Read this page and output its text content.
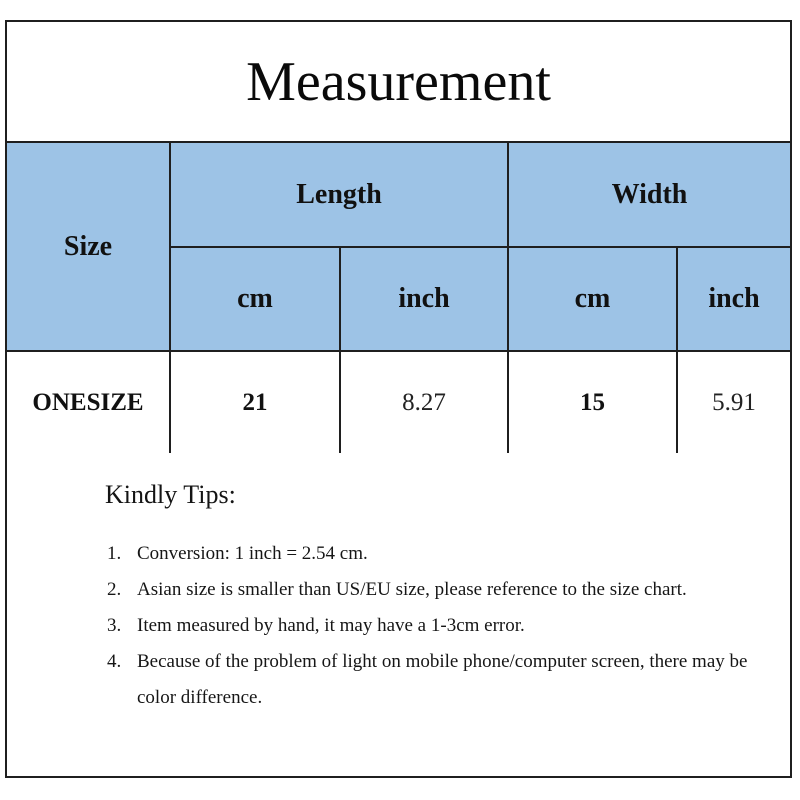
Measurement
Size	Length		Width	
	cm	inch	cm	inch
ONESIZE	21	8.27	15	5.91
Kindly Tips:
Conversion: 1 inch = 2.54 cm.
Asian size is smaller than US/EU size, please reference to the size chart.
Item measured by hand, it may have a 1-3cm error.
Because of the problem of light on mobile phone/computer screen, there may be color difference.
